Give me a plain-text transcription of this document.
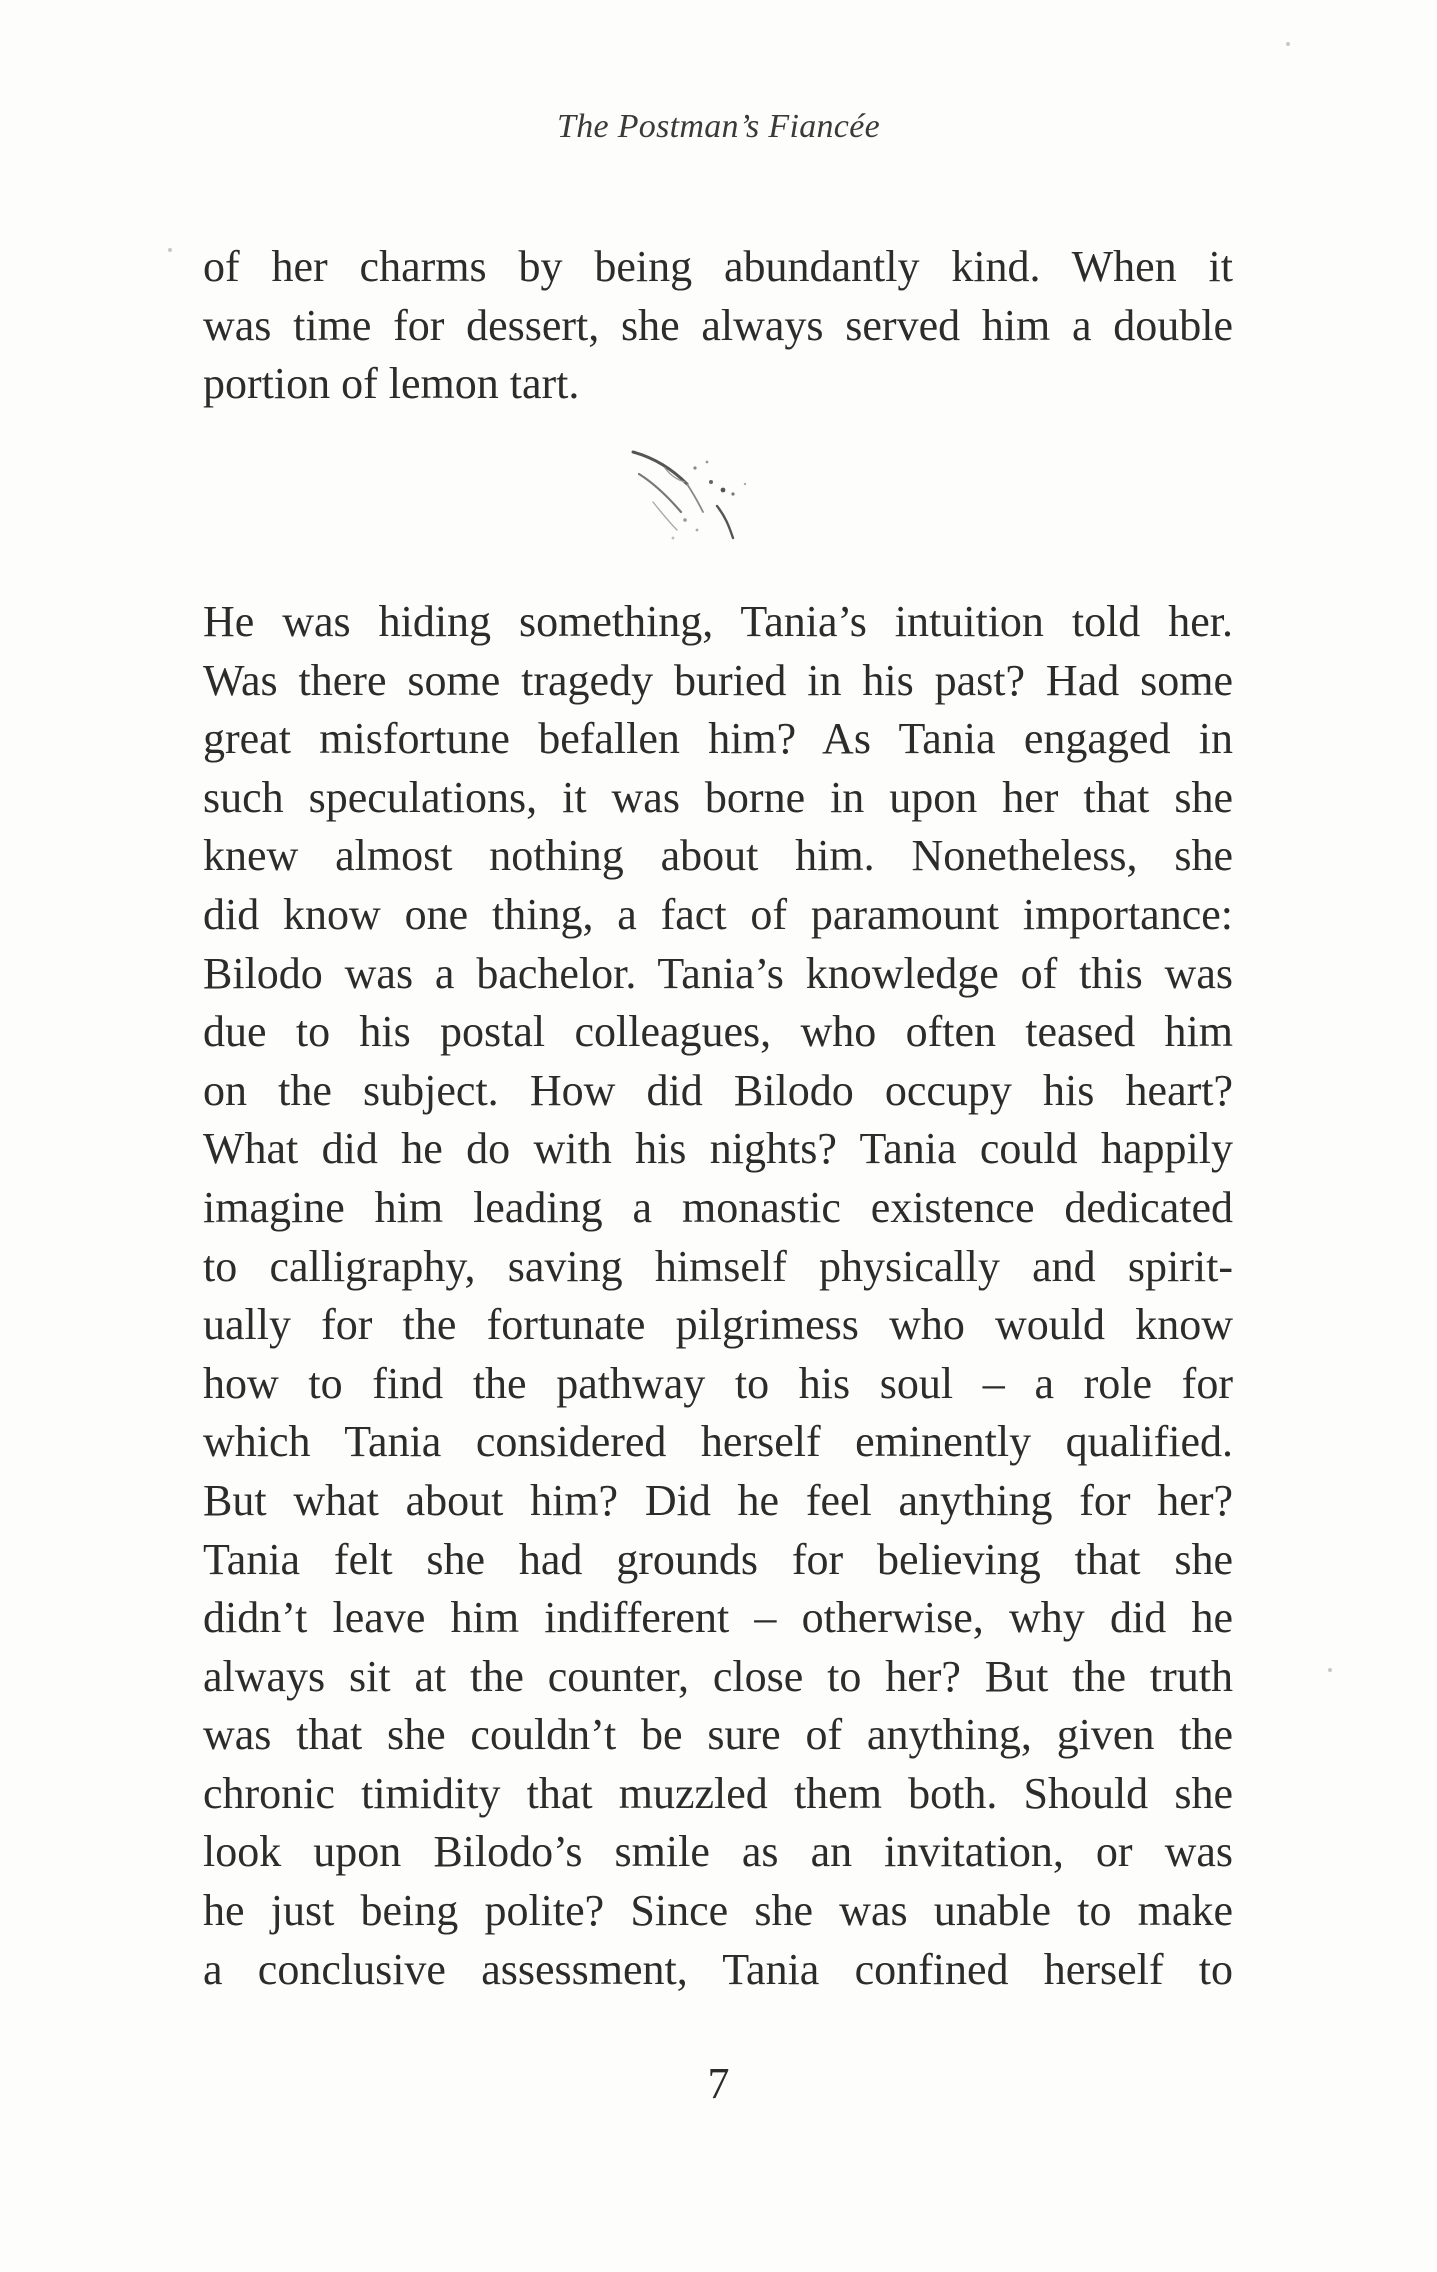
The Postman’s Fiancée
of her charms by being abundantly kind. When it
was time for dessert, she always served him a double
portion of lemon tart.
He was hiding something, Tania’s intuition told her.
Was there some tragedy buried in his past? Had some
great misfortune befallen him? As Tania engaged in
such speculations, it was borne in upon her that she
knew almost nothing about him. Nonetheless, she
did know one thing, a fact of paramount importance:
Bilodo was a bachelor. Tania’s knowledge of this was
due to his postal colleagues, who often teased him
on the subject. How did Bilodo occupy his heart?
What did he do with his nights? Tania could happily
imagine him leading a monastic existence dedicated
to calligraphy, saving himself physically and spirit-
ually for the fortunate pilgrimess who would know
how to find the pathway to his soul – a role for
which Tania considered herself eminently qualified.
But what about him? Did he feel anything for her?
Tania felt she had grounds for believing that she
didn’t leave him indifferent – otherwise, why did he
always sit at the counter, close to her? But the truth
was that she couldn’t be sure of anything, given the
chronic timidity that muzzled them both. Should she
look upon Bilodo’s smile as an invitation, or was
he just being polite? Since she was unable to make
a conclusive assessment, Tania confined herself to
7
